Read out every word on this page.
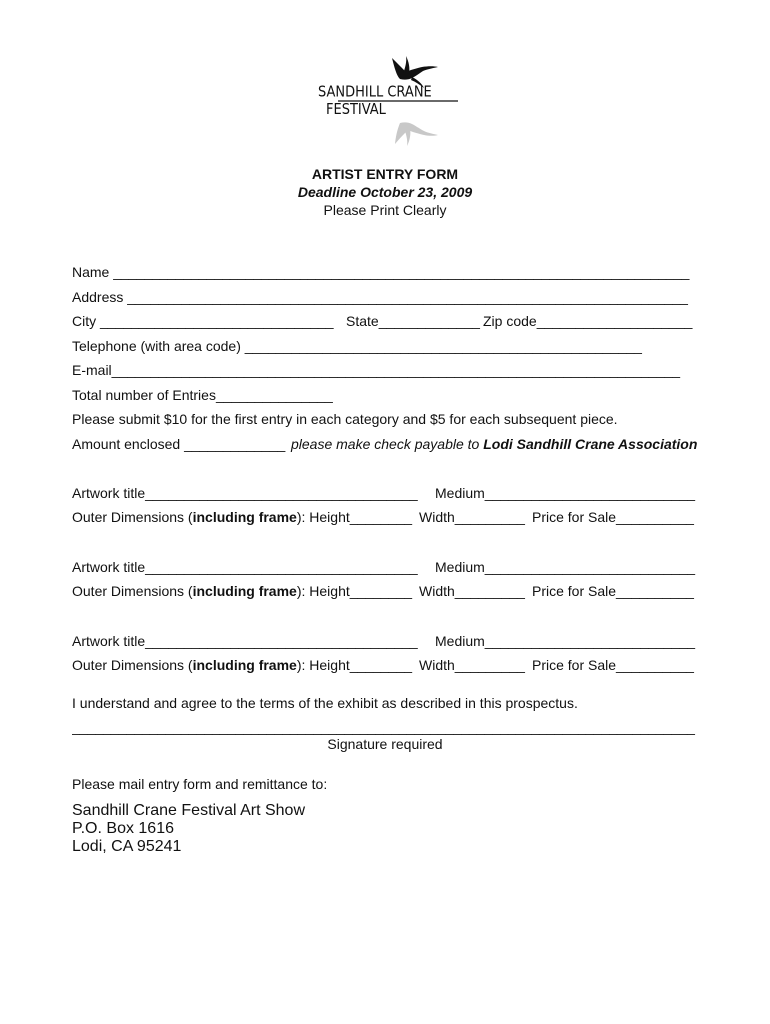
SANDHILL CRANE FESTIVAL
ARTIST ENTRY FORM
Deadline October 23, 2009
Please Print Clearly
Name __________________________________________________________________________
Address ________________________________________________________________________
City ______________________________ State_____________ Zip code____________________
Telephone (with area code) ___________________________________________________
E-mail_________________________________________________________________________
Total number of Entries_______________
Please submit $10 for the first entry in each category and $5 for each subsequent piece.
Amount enclosed _____________ please make check payable to Lodi Sandhill Crane Association
Artwork title___________________________________ Medium___________________________
Outer Dimensions (including frame): Height________ Width_________ Price for Sale__________
Artwork title___________________________________ Medium___________________________
Outer Dimensions (including frame): Height________ Width_________ Price for Sale__________
Artwork title___________________________________ Medium___________________________
Outer Dimensions (including frame): Height________ Width_________ Price for Sale__________
I understand and agree to the terms of the exhibit as described in this prospectus.
________________________________________________________________________________
Signature required
Please mail entry form and remittance to:
Sandhill Crane Festival Art Show
P.O. Box 1616
Lodi, CA 95241
